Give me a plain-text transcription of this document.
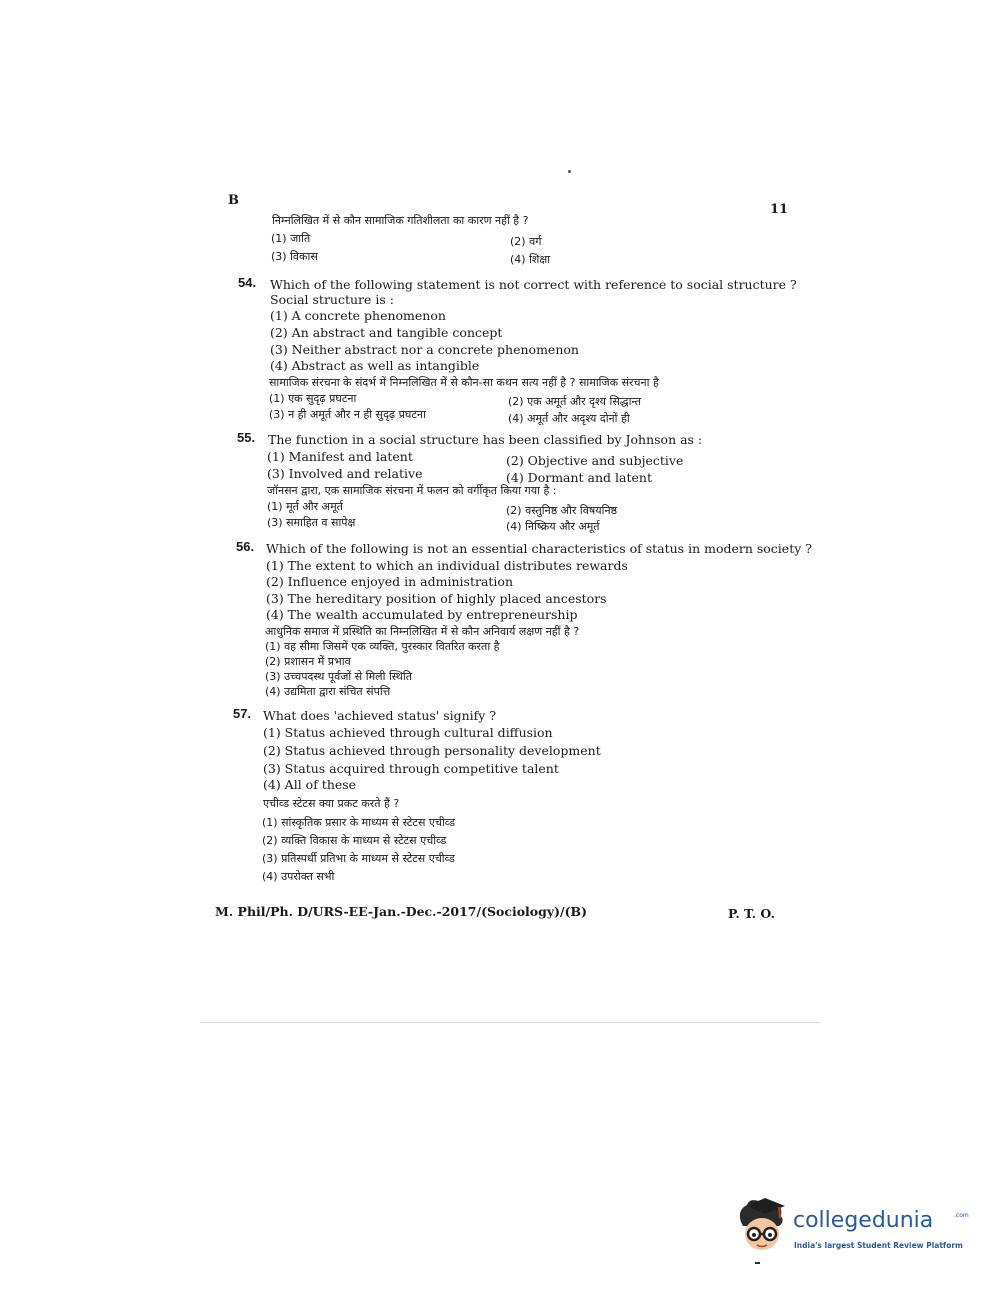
B
11
निम्नलिखित में से कौन सामाजिक गतिशीलता का कारण नहीं है ?
(1) जाति	(2) वर्ग
(3) विकास	(4) शिक्षा
54. Which of the following statement is not correct with reference to social structure ?
Social structure is :
(1) A concrete phenomenon
(2) An abstract and tangible concept
(3) Neither abstract nor a concrete phenomenon
(4) Abstract as well as intangible
सामाजिक संरचना के संदर्भ में निम्नलिखित में से कौन-सा कथन सत्य नहीं है ? सामाजिक संरचना है
(1) एक सुदृढ़ प्रघटना	(2) एक अमूर्त और दृश्य सिद्धान्त
(3) न ही अमूर्त और न ही सुदृढ़ प्रघटना	(4) अमूर्त और अदृश्य दोनों ही
55. The function in a social structure has been classified by Johnson as :
(1) Manifest and latent	(2) Objective and subjective
(3) Involved and relative	(4) Dormant and latent
जॉनसन द्वारा, एक सामाजिक संरचना में फलन को वर्गीकृत किया गया है :
(1) मूर्त और अमूर्त	(2) वस्तुनिष्ठ और विषयनिष्ठ
(3) समाहित व सापेक्ष	(4) निष्क्रिय और अमूर्त
56. Which of the following is not an essential characteristics of status in modern society ?
(1) The extent to which an individual distributes rewards
(2) Influence enjoyed in administration
(3) The hereditary position of highly placed ancestors
(4) The wealth accumulated by entrepreneurship
आधुनिक समाज में प्रस्थिति का निम्नलिखित में से कौन अनिवार्य लक्षण नहीं है ?
(1) वह सीमा जिसमें एक व्यक्ति, पुरस्कार वितरित करता है
(2) प्रशासन में प्रभाव
(3) उच्चपदस्थ पूर्वजों से मिली स्थिति
(4) उद्यमिता द्वारा संचित संपत्ति
57. What does 'achieved status' signify ?
(1) Status achieved through cultural diffusion
(2) Status achieved through personality development
(3) Status acquired through competitive talent
(4) All of these
एचीव्ड स्टेटस क्या प्रकट करते हैं ?
(1) सांस्कृतिक प्रसार के माध्यम से स्टेटस एचीव्ड
(2) व्यक्ति विकास के माध्यम से स्टेटस एचीव्ड
(3) प्रतिस्पर्धी प्रतिभा के माध्यम से स्टेटस एचीव्ड
(4) उपरोक्त सभी
M. Phil/Ph. D/URS-EE-Jan.-Dec.-2017/(Sociology)/(B)	P. T. O.
collegedunia	.com
India's largest Student Review Platform
